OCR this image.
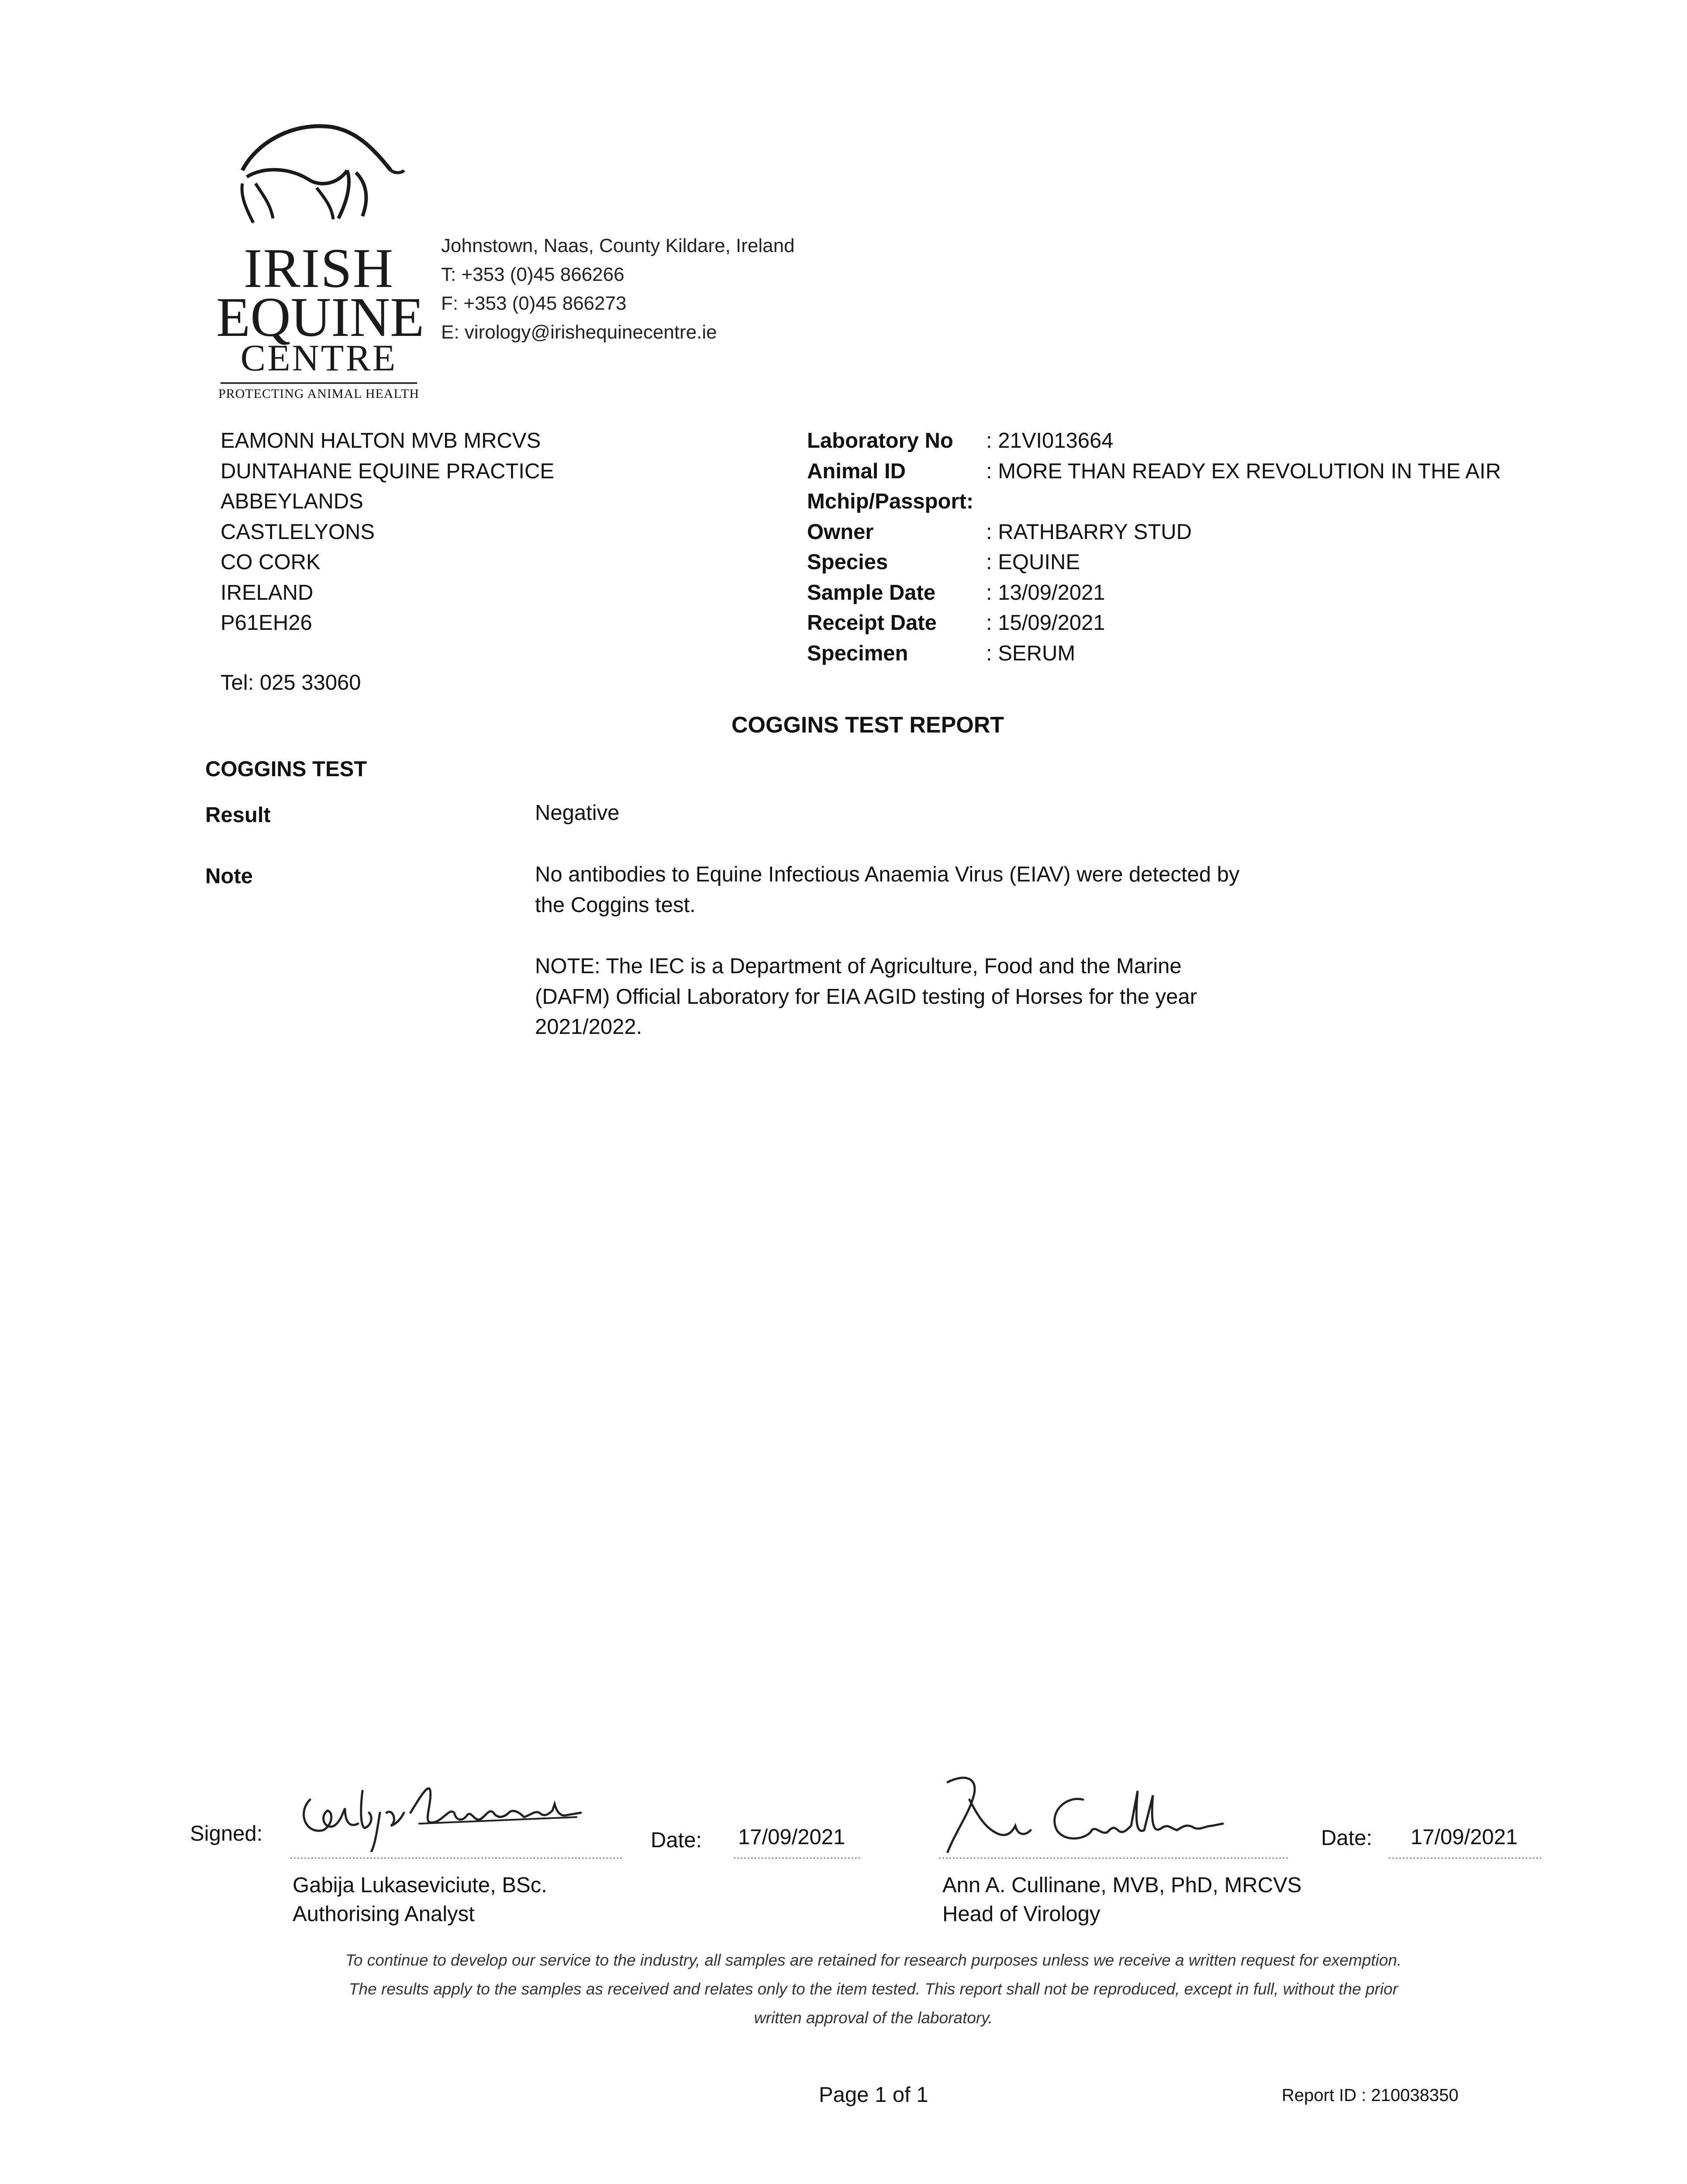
IRISH
EQUINE
CENTRE
PROTECTING ANIMAL HEALTH
Johnstown, Naas, County Kildare, Ireland
T: +353 (0)45 866266
F: +353 (0)45 866273
E: virology@irishequinecentre.ie
EAMONN HALTON MVB MRCVS
DUNTAHANE EQUINE PRACTICE
ABBEYLANDS
CASTLELYONS
CO CORK
IRELAND
P61EH26
Tel: 025 33060
Laboratory No	: 21VI013664
Animal ID	: MORE THAN READY EX REVOLUTION IN THE AIR
Mchip/Passport:
Owner	: RATHBARRY STUD
Species	: EQUINE
Sample Date	: 13/09/2021
Receipt Date	: 15/09/2021
Specimen	: SERUM
COGGINS TEST REPORT
COGGINS TEST
Result	Negative
Note	No antibodies to Equine Infectious Anaemia Virus (EIAV) were detected by
the Coggins test.
NOTE: The IEC is a Department of Agriculture, Food and the Marine
(DAFM) Official Laboratory for EIA AGID testing of Horses for the year
2021/2022.
Signed:	Date: 17/09/2021
Gabija Lukaseviciute, BSc.
Authorising Analyst
Date: 17/09/2021
Ann A. Cullinane, MVB, PhD, MRCVS
Head of Virology
To continue to develop our service to the industry, all samples are retained for research purposes unless we receive a written request for exemption.
The results apply to the samples as received and relates only to the item tested. This report shall not be reproduced, except in full, without the prior
written approval of the laboratory.
Page 1 of 1	Report ID : 210038350
